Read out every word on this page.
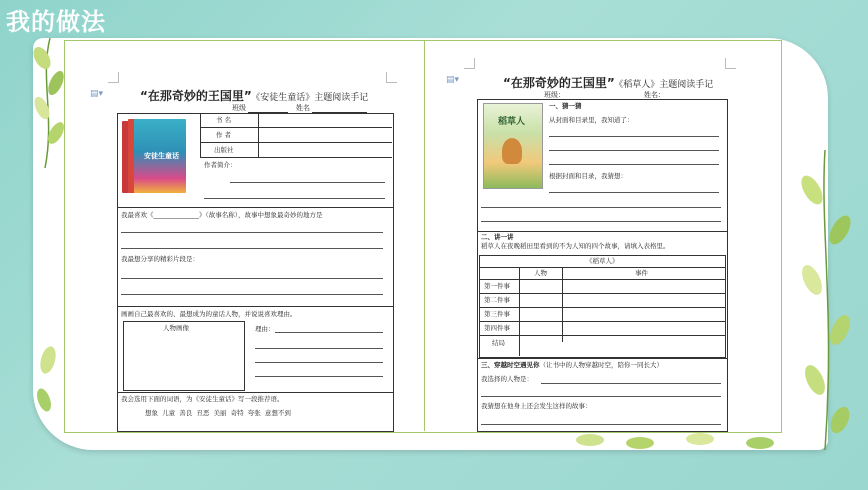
我的做法
▤▾	“在那奇妙的王国里” 《安徒生童话》主题阅读手记
班级	姓名
安徒生童话
书 名
作 者
出版社
作者简介：
我最喜欢《______________》（故事名称），故事中想象最奇妙的地方是
我最想分享的精彩片段是：
画画自己最喜欢的、最想成为的童话人物，并说说喜欢理由。
人物画像	理由：
我会选用下面的词语，为《安徒生童话》写一段推荐语。
想象  儿童  善良  丑恶  美丽  奇特  夸张  意想不到
▤▾	“在那奇妙的王国里” 《稻草人》主题阅读手记
班级：	姓名：
一、猜一猜
稻草人	从封面和目录里，我知道了：
根据封面和目录，我猜想：
二、讲一讲
稻草人在夜晚稻田里看到的不为人知的四个故事，请填入表格里。
《稻草人》
人物	事件
第一件事
第二件事
第三件事
第四件事
结局
三、穿越时空遇见你（让书中的人物穿越时空，陪你一同长大）
我选择的人物是：
我猜想在他身上还会发生这样的故事：
